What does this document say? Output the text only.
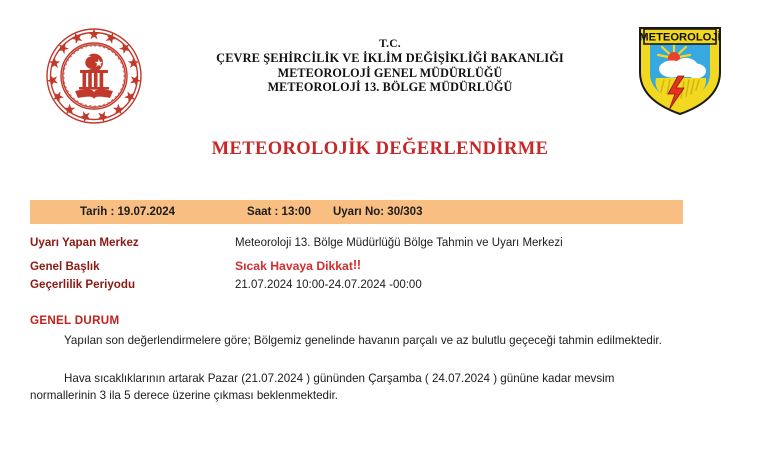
T.C.
ÇEVRE ŞEHİRCİLİK VE İKLİM DEĞİŞİKLİĞİ BAKANLIĞI
METEOROLOJİ GENEL MÜDÜRLÜĞÜ
METEOROLOJİ 13. BÖLGE MÜDÜRLÜĞÜ
METEOROLOJİ
METEOROLOJİK DEĞERLENDİRME
Tarih : 19.07.2024	Saat : 13:00 Uyarı No: 30/303
Uyarı Yapan Merkez	Meteoroloji 13. Bölge Müdürlüğü Bölge Tahmin ve Uyarı Merkezi
Genel Başlık	Sıcak Havaya Dikkat!!
Geçerlilik Periyodu	21.07.2024 10:00-24.07.2024 -00:00
GENEL DURUM

Yapılan son değerlendirmelere göre; Bölgemiz genelinde havanın parçalı ve az bulutlu geçeceği tahmin edilmektedir.

Hava sıcaklıklarının artarak Pazar (21.07.2024 ) gününden Çarşamba ( 24.07.2024 ) gününe kadar mevsim normallerinin 3 ila 5 derece üzerine çıkması beklenmektedir.
